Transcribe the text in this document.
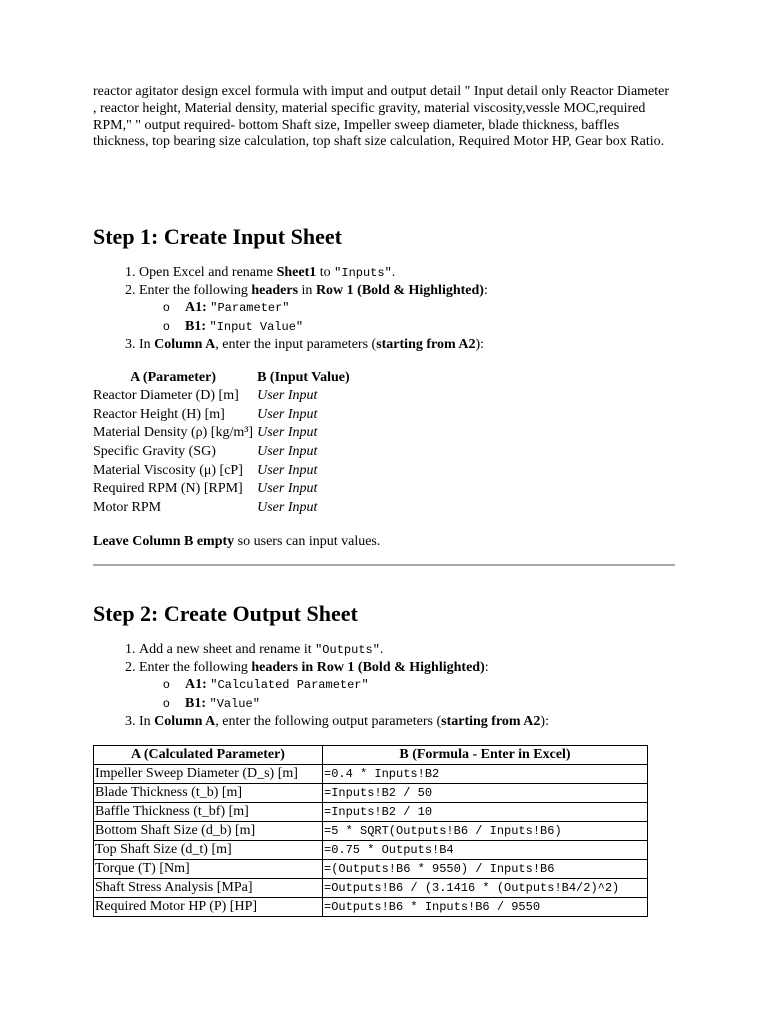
reactor agitator design excel formula with imput and output detail " Input detail only Reactor Diameter , reactor height, Material density, material specific gravity, material viscosity,vessle MOC,required RPM," " output required- bottom Shaft size, Impeller sweep diameter, blade thickness, baffles thickness, top bearing size calculation, top shaft size calculation, Required Motor HP, Gear box Ratio.

Step 1: Create Input Sheet
1. Open Excel and rename Sheet1 to "Inputs".
2. Enter the following headers in Row 1 (Bold & Highlighted):
o A1: "Parameter"
o B1: "Input Value"
3. In Column A, enter the input parameters (starting from A2):
A (Parameter)	B (Input Value)
Reactor Diameter (D) [m]	User Input
Reactor Height (H) [m]	User Input
Material Density (ρ) [kg/m³]	User Input
Specific Gravity (SG)	User Input
Material Viscosity (μ) [cP]	User Input
Required RPM (N) [RPM]	User Input
Motor RPM	User Input

Leave Column B empty so users can input values.

Step 2: Create Output Sheet
1. Add a new sheet and rename it "Outputs".
2. Enter the following headers in Row 1 (Bold & Highlighted):
o A1: "Calculated Parameter"
o B1: "Value"
3. In Column A, enter the following output parameters (starting from A2):
A (Calculated Parameter)	B (Formula - Enter in Excel)
Impeller Sweep Diameter (D_s) [m]	=0.4 * Inputs!B2
Blade Thickness (t_b) [m]	=Inputs!B2 / 50
Baffle Thickness (t_bf) [m]	=Inputs!B2 / 10
Bottom Shaft Size (d_b) [m]	=5 * SQRT(Outputs!B6 / Inputs!B6)
Top Shaft Size (d_t) [m]	=0.75 * Outputs!B4
Torque (T) [Nm]	=(Outputs!B6 * 9550) / Inputs!B6
Shaft Stress Analysis [MPa]	=Outputs!B6 / (3.1416 * (Outputs!B4/2)^2)
Required Motor HP (P) [HP]	=Outputs!B6 * Inputs!B6 / 9550
